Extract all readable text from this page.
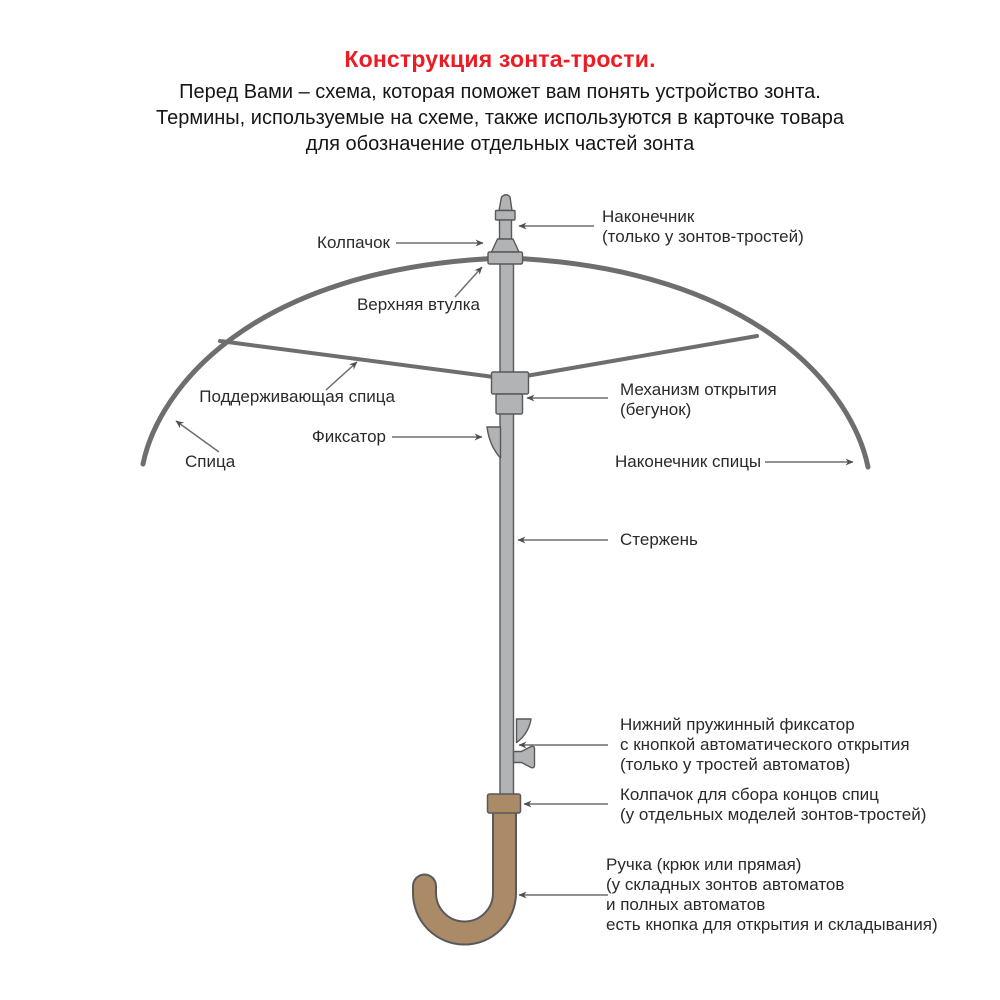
Конструкция зонта-трости.
Перед Вами – схема, которая поможет вам понять устройство зонта.
Термины, используемые на схеме, также используются в карточке товара
для обозначение отдельных частей зонта
Колпачок
Наконечник
(только у зонтов-тростей)
Верхняя втулка
Поддерживающая спица
Фиксатор
Спица
Механизм открытия
(бегунок)
Наконечник спицы
Стержень
Нижний пружинный фиксатор
с кнопкой автоматического открытия
(только у тростей автоматов)
Колпачок для сбора концов спиц
(у отдельных моделей зонтов-тростей)
Ручка (крюк или прямая)
(у складных зонтов автоматов
и полных автоматов
есть кнопка для открытия и складывания)
